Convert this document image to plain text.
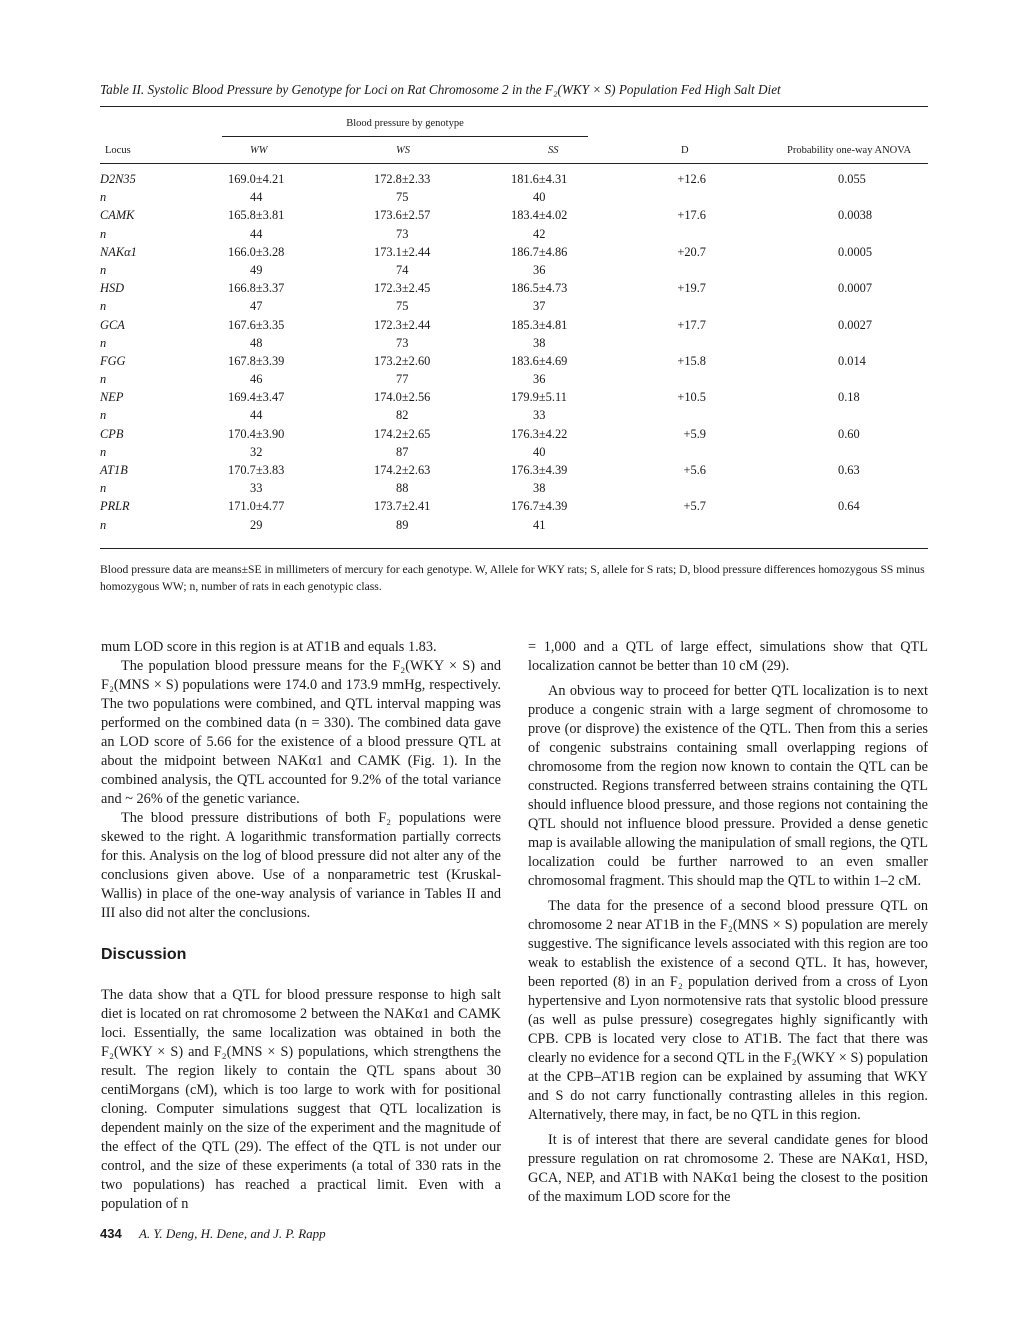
Table II. Systolic Blood Pressure by Genotype for Loci on Rat Chromosome 2 in the F₂(WKY × S) Population Fed High Salt Diet
Blood pressure by genotype
Locus	WW	WS	SS	D	Probability one-way ANOVA
D2N35	169.0±4.21	172.8±2.33	181.6±4.31	+12.6	0.055
n	44	75	40
CAMK	165.8±3.81	173.6±2.57	183.4±4.02	+17.6	0.0038
n	44	73	42
NAKα1	166.0±3.28	173.1±2.44	186.7±4.86	+20.7	0.0005
n	49	74	36
HSD	166.8±3.37	172.3±2.45	186.5±4.73	+19.7	0.0007
n	47	75	37
GCA	167.6±3.35	172.3±2.44	185.3±4.81	+17.7	0.0027
n	48	73	38
FGG	167.8±3.39	173.2±2.60	183.6±4.69	+15.8	0.014
n	46	77	36
NEP	169.4±3.47	174.0±2.56	179.9±5.11	+10.5	0.18
n	44	82	33
CPB	170.4±3.90	174.2±2.65	176.3±4.22	+5.9	0.60
n	32	87	40
AT1B	170.7±3.83	174.2±2.63	176.3±4.39	+5.6	0.63
n	33	88	38
PRLR	171.0±4.77	173.7±2.41	176.7±4.39	+5.7	0.64
n	29	89	41
Blood pressure data are means±SE in millimeters of mercury for each genotype. W, Allele for WKY rats; S, allele for S rats; D, blood pressure differences homozygous SS minus homozygous WW; n, number of rats in each genotypic class.

mum LOD score in this region is at AT1B and equals 1.83.

The population blood pressure means for the F₂(WKY × S) and F₂(MNS × S) populations were 174.0 and 173.9 mmHg, respectively. The two populations were combined, and QTL interval mapping was performed on the combined data (n = 330). The combined data gave an LOD score of 5.66 for the existence of a blood pressure QTL at about the midpoint between NAKα1 and CAMK (Fig. 1). In the combined analysis, the QTL accounted for 9.2% of the total variance and ~ 26% of the genetic variance.

The blood pressure distributions of both F₂ populations were skewed to the right. A logarithmic transformation partially corrects for this. Analysis on the log of blood pressure did not alter any of the conclusions given above. Use of a nonparametric test (Kruskal-Wallis) in place of the one-way analysis of variance in Tables II and III also did not alter the conclusions.

Discussion

The data show that a QTL for blood pressure response to high salt diet is located on rat chromosome 2 between the NAKα1 and CAMK loci. Essentially, the same localization was obtained in both the F₂(WKY × S) and F₂(MNS × S) populations, which strengthens the result. The region likely to contain the QTL spans about 30 centiMorgans (cM), which is too large to work with for positional cloning. Computer simulations suggest that QTL localization is dependent mainly on the size of the experiment and the magnitude of the effect of the QTL (29). The effect of the QTL is not under our control, and the size of these experiments (a total of 330 rats in the two populations) has reached a practical limit. Even with a population of n

= 1,000 and a QTL of large effect, simulations show that QTL localization cannot be better than 10 cM (29).

An obvious way to proceed for better QTL localization is to next produce a congenic strain with a large segment of chromosome to prove (or disprove) the existence of the QTL. Then from this a series of congenic substrains containing small overlapping regions of chromosome from the region now known to contain the QTL can be constructed. Regions transferred between strains containing the QTL should influence blood pressure, and those regions not containing the QTL should not influence blood pressure. Provided a dense genetic map is available allowing the manipulation of small regions, the QTL localization could be further narrowed to an even smaller chromosomal fragment. This should map the QTL to within 1–2 cM.

The data for the presence of a second blood pressure QTL on chromosome 2 near AT1B in the F₂(MNS × S) population are merely suggestive. The significance levels associated with this region are too weak to establish the existence of a second QTL. It has, however, been reported (8) in an F₂ population derived from a cross of Lyon hypertensive and Lyon normotensive rats that systolic blood pressure (as well as pulse pressure) cosegregates highly significantly with CPB. CPB is located very close to AT1B. The fact that there was clearly no evidence for a second QTL in the F₂(WKY × S) population at the CPB–AT1B region can be explained by assuming that WKY and S do not carry functionally contrasting alleles in this region. Alternatively, there may, in fact, be no QTL in this region.

It is of interest that there are several candidate genes for blood pressure regulation on rat chromosome 2. These are NAKα1, HSD, GCA, NEP, and AT1B with NAKα1 being the closest to the position of the maximum LOD score for the

434 A. Y. Deng, H. Dene, and J. P. Rapp
